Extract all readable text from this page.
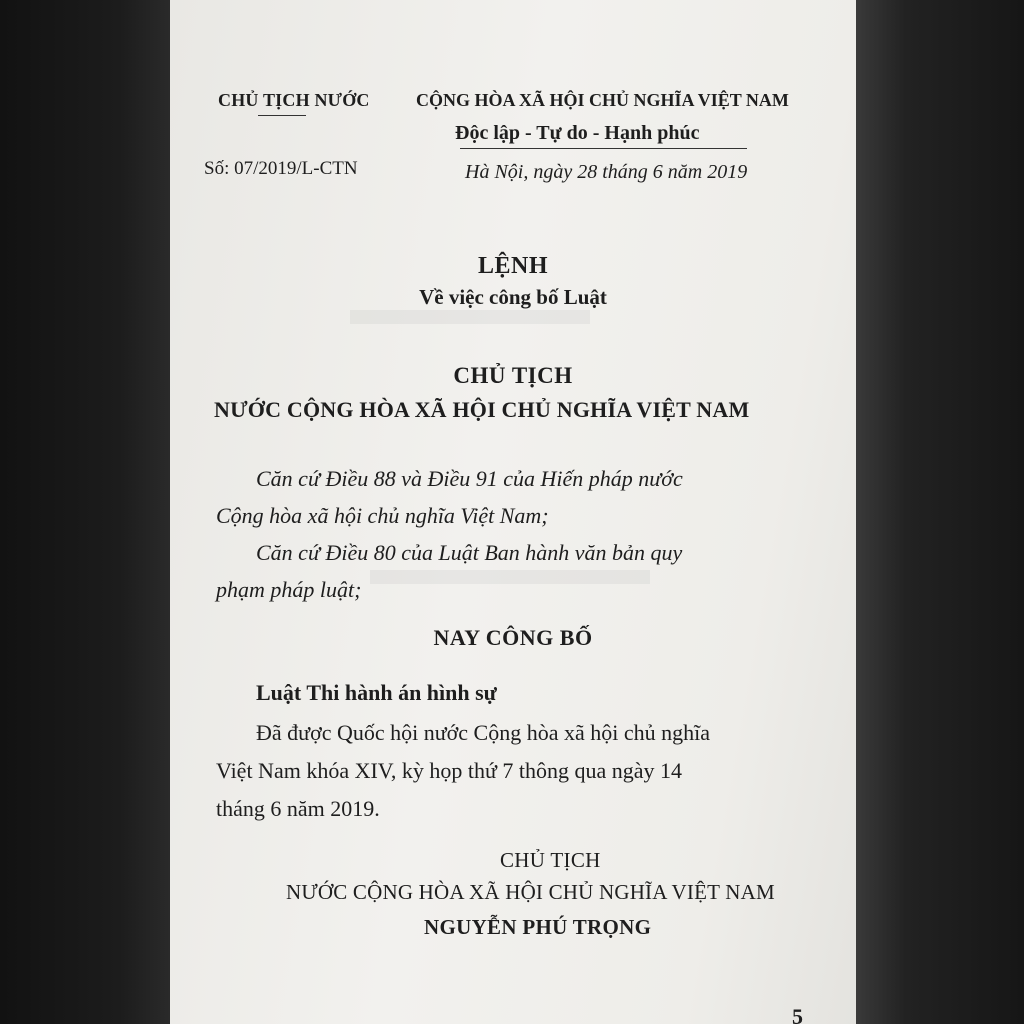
CHỦ TỊCH NƯỚC
Số: 07/2019/L-CTN
CỘNG HÒA XÃ HỘI CHỦ NGHĨA VIỆT NAM
Độc lập - Tự do - Hạnh phúc
Hà Nội, ngày 28 tháng 6 năm 2019
LỆNH
Về việc công bố Luật
CHỦ TỊCH
NƯỚC CỘNG HÒA XÃ HỘI CHỦ NGHĨA VIỆT NAM
Căn cứ Điều 88 và Điều 91 của Hiến pháp nước
Cộng hòa xã hội chủ nghĩa Việt Nam;
Căn cứ Điều 80 của Luật Ban hành văn bản quy
phạm pháp luật;
NAY CÔNG BỐ
Luật Thi hành án hình sự
Đã được Quốc hội nước Cộng hòa xã hội chủ nghĩa
Việt Nam khóa XIV, kỳ họp thứ 7 thông qua ngày 14
tháng 6 năm 2019.
CHỦ TỊCH
NƯỚC CỘNG HÒA XÃ HỘI CHỦ NGHĨA VIỆT NAM
NGUYỄN PHÚ TRỌNG
5
